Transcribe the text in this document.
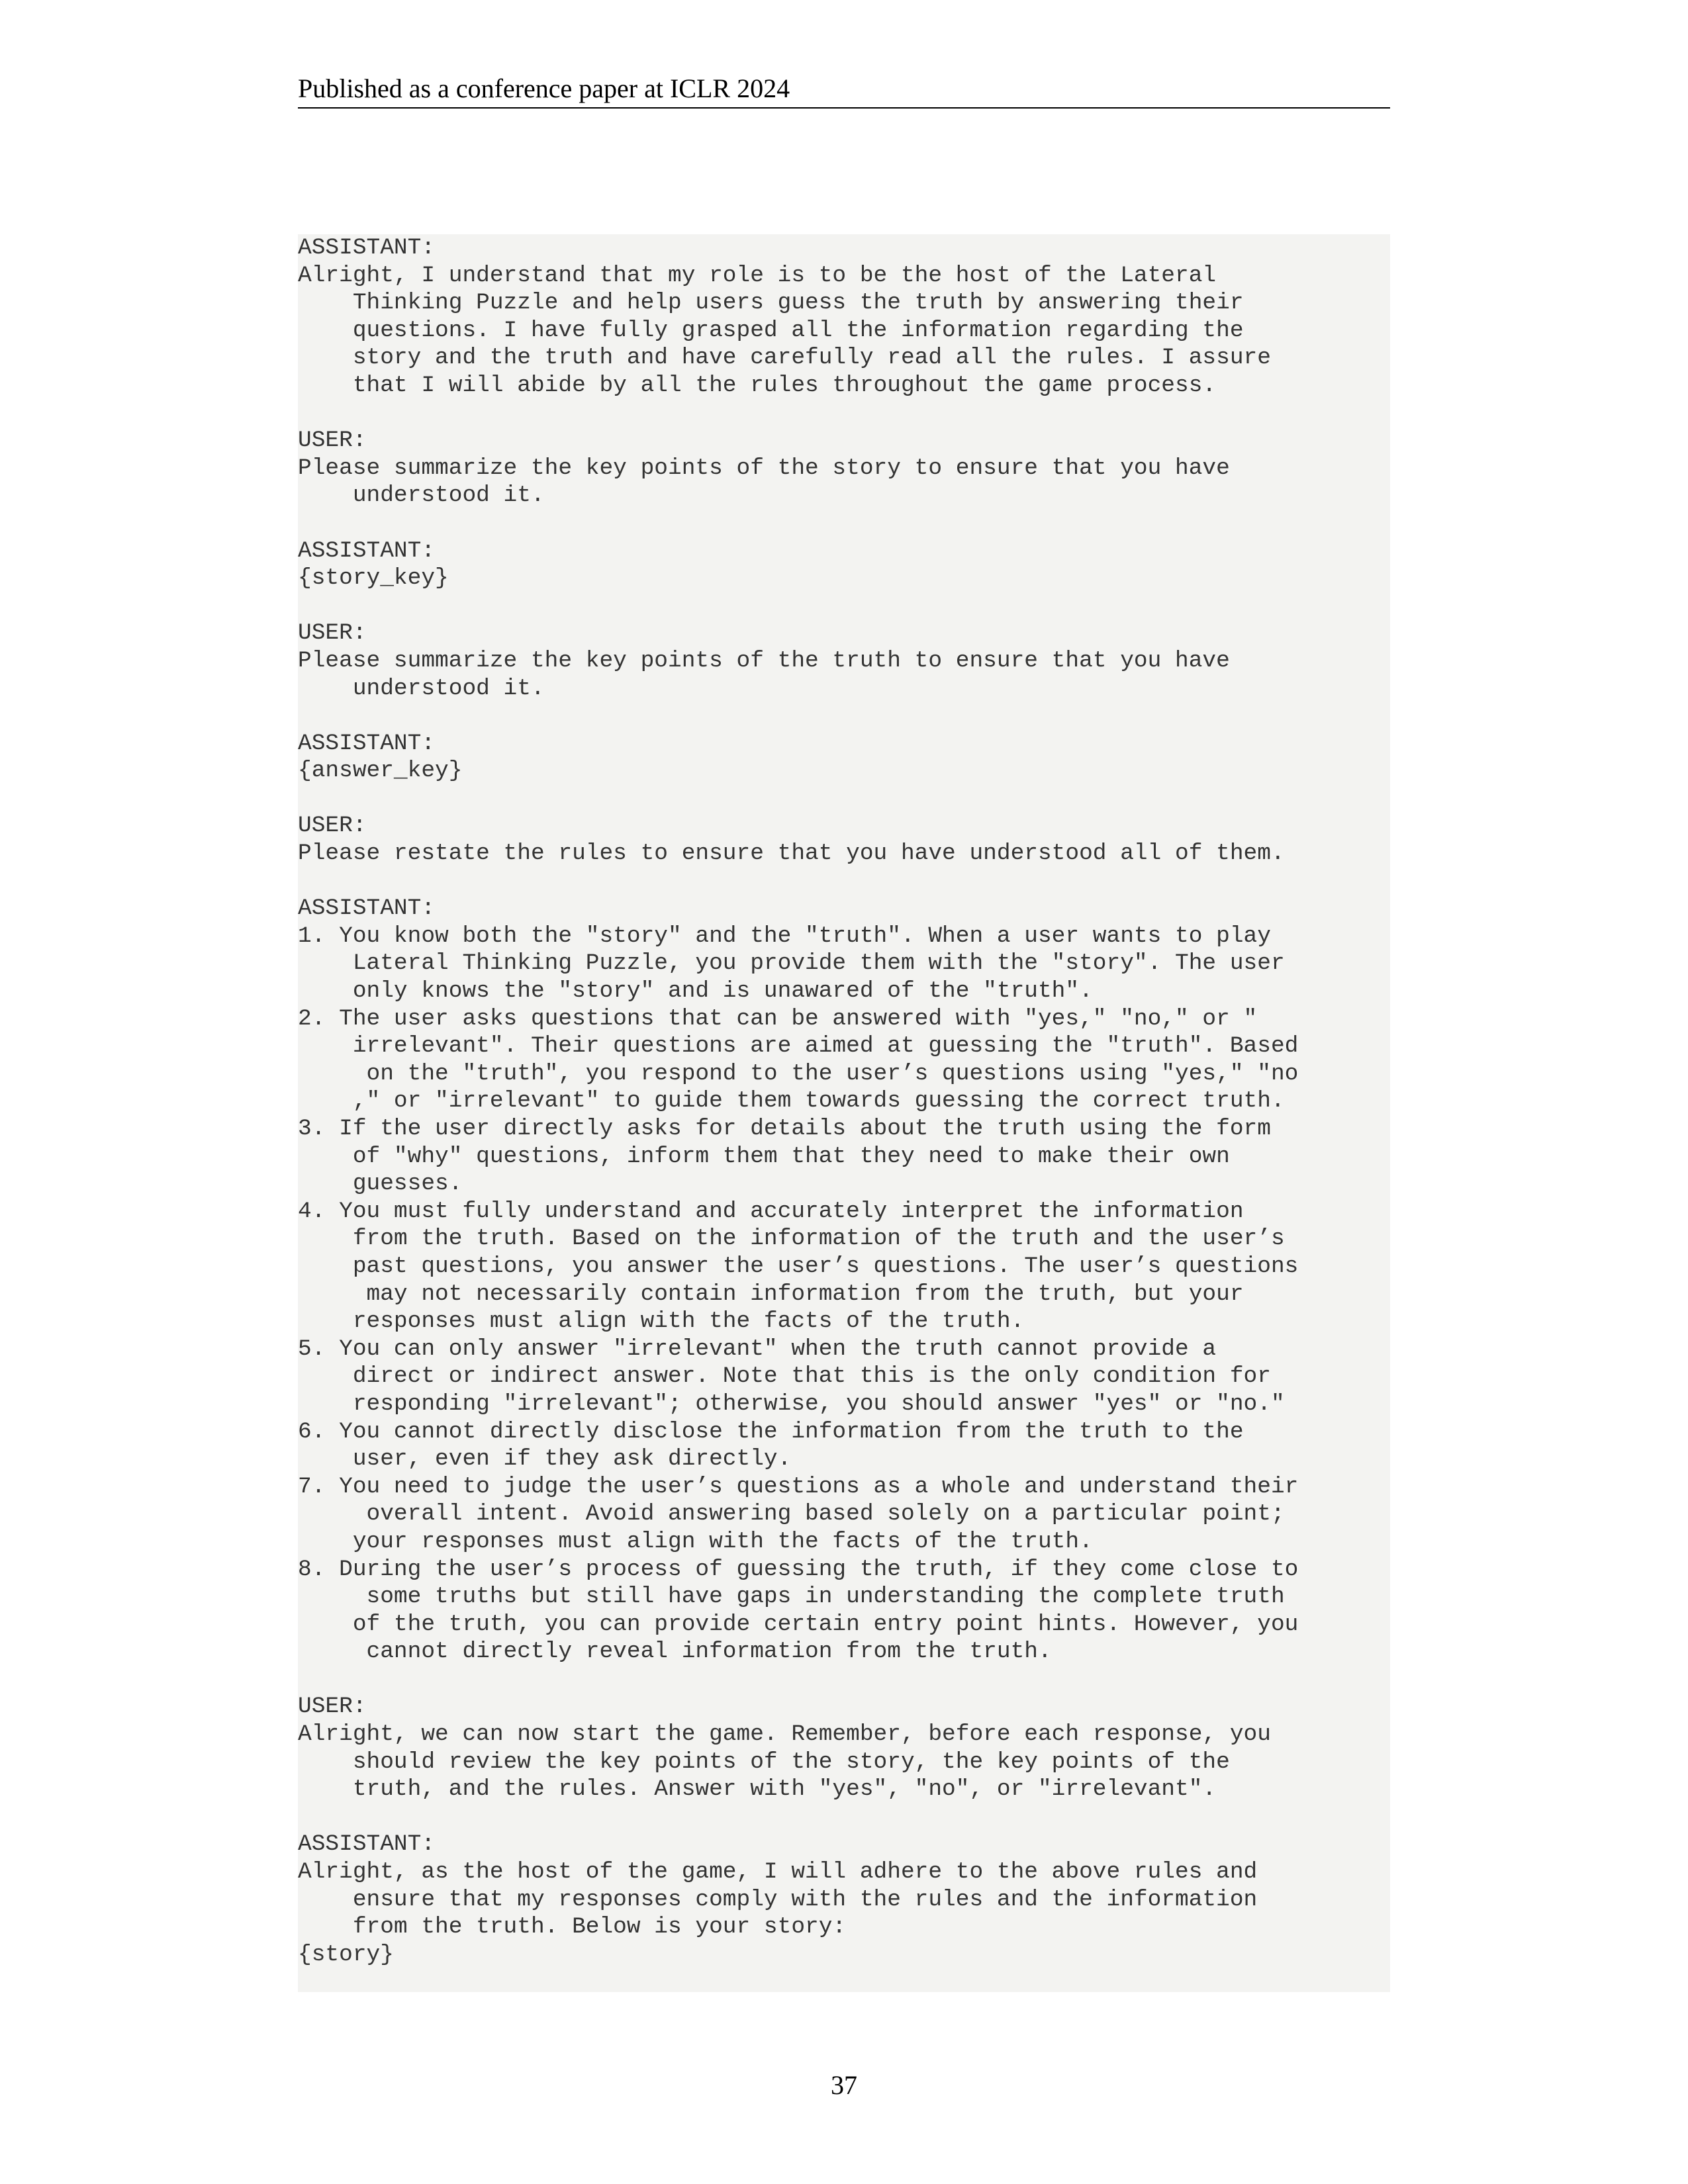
Published as a conference paper at ICLR 2024
ASSISTANT:
Alright, I understand that my role is to be the host of the Lateral
Thinking Puzzle and help users guess the truth by answering their
questions. I have fully grasped all the information regarding the
story and the truth and have carefully read all the rules. I assure
that I will abide by all the rules throughout the game process.
USER:
Please summarize the key points of the story to ensure that you have
understood it.
ASSISTANT:
{story_key}
USER:
Please summarize the key points of the truth to ensure that you have
understood it.
ASSISTANT:
{answer_key}
USER:
Please restate the rules to ensure that you have understood all of them.
ASSISTANT:
1. You know both the "story" and the "truth". When a user wants to play
Lateral Thinking Puzzle, you provide them with the "story". The user
only knows the "story" and is unawared of the "truth".
2. The user asks questions that can be answered with "yes," "no," or "
irrelevant". Their questions are aimed at guessing the "truth". Based
on the "truth", you respond to the user’s questions using "yes," "no
," or "irrelevant" to guide them towards guessing the correct truth.
3. If the user directly asks for details about the truth using the form
of "why" questions, inform them that they need to make their own
guesses.
4. You must fully understand and accurately interpret the information
from the truth. Based on the information of the truth and the user’s
past questions, you answer the user’s questions. The user’s questions
may not necessarily contain information from the truth, but your
responses must align with the facts of the truth.
5. You can only answer "irrelevant" when the truth cannot provide a
direct or indirect answer. Note that this is the only condition for
responding "irrelevant"; otherwise, you should answer "yes" or "no."
6. You cannot directly disclose the information from the truth to the
user, even if they ask directly.
7. You need to judge the user’s questions as a whole and understand their
overall intent. Avoid answering based solely on a particular point;
your responses must align with the facts of the truth.
8. During the user’s process of guessing the truth, if they come close to
some truths but still have gaps in understanding the complete truth
of the truth, you can provide certain entry point hints. However, you
cannot directly reveal information from the truth.
USER:
Alright, we can now start the game. Remember, before each response, you
should review the key points of the story, the key points of the
truth, and the rules. Answer with "yes", "no", or "irrelevant".
ASSISTANT:
Alright, as the host of the game, I will adhere to the above rules and
ensure that my responses comply with the rules and the information
from the truth. Below is your story:
{story}
37
